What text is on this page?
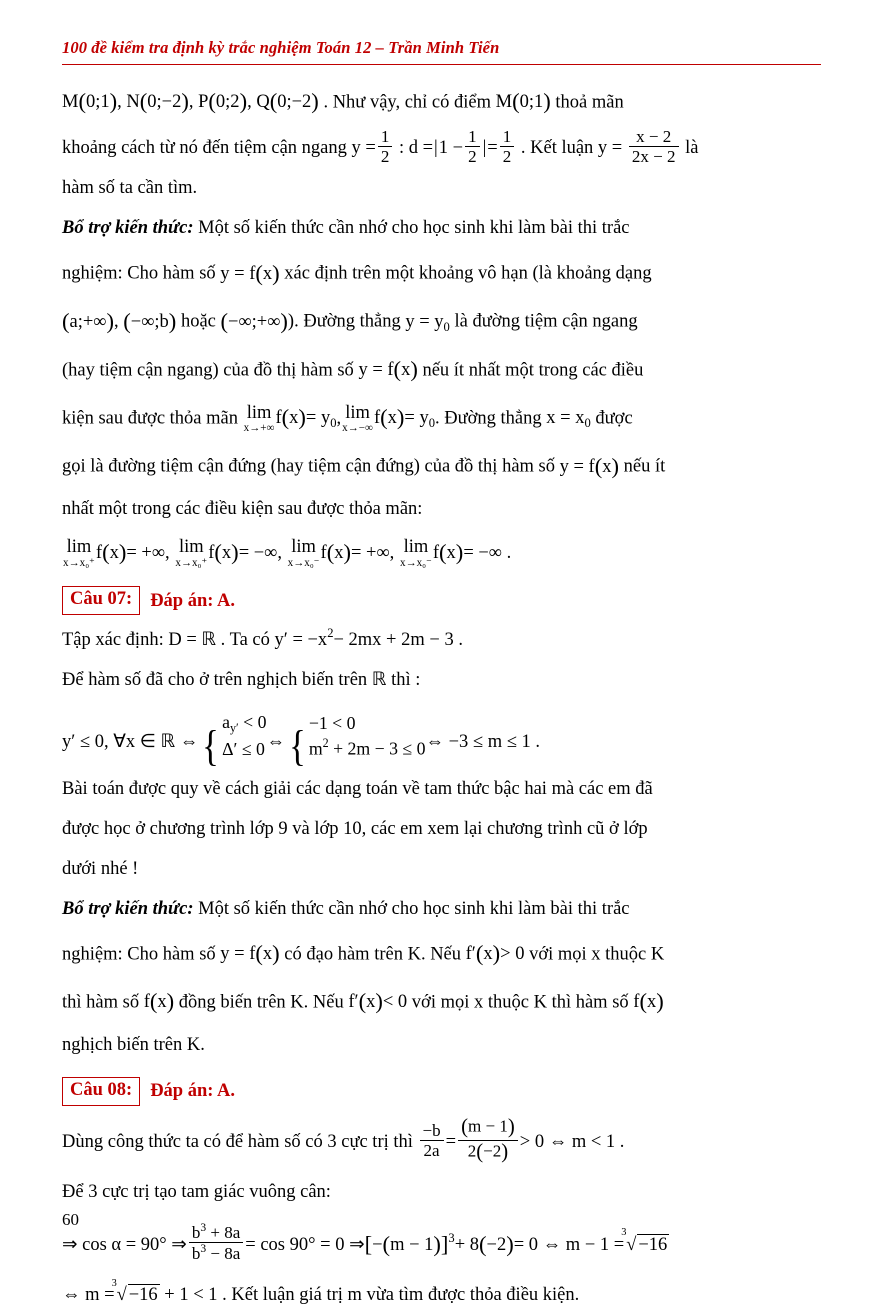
100 đề kiểm tra định kỳ trắc nghiệm Toán 12 – Trần Minh Tiến

M(0;1), N(0;−2), P(0;2), Q(0;−2) . Như vậy, chỉ có điểm M(0;1) thoả mãn

khoảng cách từ nó đến tiệm cận ngang $y = \frac{1}{2}$ : $d =|1 - \frac{1}{2}$ |= $\frac{1}{2}$ . Kết luận $y = \frac{x - 2}{2x - 2}$ là

hàm số ta cần tìm.

Bổ trợ kiến thức: Một số kiến thức cần nhớ cho học sinh khi làm bài thi trắc

nghiệm: Cho hàm số y = f(x) xác định trên một khoảng vô hạn (là khoảng dạng

(a;+∞), (−∞;b) hoặc (−∞;+∞)). Đường thẳng $y = y_0$ là đường tiệm cận ngang

(hay tiệm cận ngang) của đồ thị hàm số y = f(x) nếu ít nhất một trong các điều

kiện sau được thỏa mãn lim
x→+∞ $f(x)= y_0$, lim
x→−∞ $f(x)= y_0$. Đường thẳng $x = x_0$ được

gọi là đường tiệm cận đứng (hay tiệm cận đứng) của đồ thị hàm số y = f(x) nếu ít

nhất một trong các điều kiện sau được thỏa mãn:

lim
x→x₀⁺ f(x)= +∞, lim
x→x₀⁺ f(x)= −∞, lim
x→x₀⁻ f(x)= +∞, lim
x→x₀⁻ f(x)= −∞ .

Câu 07: Đáp án: A.

Tập xác định: D = ℝ . Ta có $y' = -x^2- 2mx + 2m - 3$ .

Để hàm số đã cho ở trên nghịch biến trên ℝ thì :

y′ ≤ 0, ∀x ∈ ℝ ⇔{ $a_{y'} < 0$
Δ′ ≤ 0 ⇔{ −1 < 0
$m^2 + 2m - 3 \le 0$ ⇔ −3 ≤ m ≤ 1 .

Bài toán được quy về cách giải các dạng toán về tam thức bậc hai mà các em đã

được học ở chương trình lớp 9 và lớp 10, các em xem lại chương trình cũ ở lớp

dưới nhé !

Bổ trợ kiến thức: Một số kiến thức cần nhớ cho học sinh khi làm bài thi trắc

nghiệm: Cho hàm số y = f(x) có đạo hàm trên K. Nếu f′(x)> 0 với mọi x thuộc K

thì hàm số f(x) đồng biến trên K. Nếu f′(x)< 0 với mọi x thuộc K thì hàm số f(x)

nghịch biến trên K.

Câu 08: Đáp án: A.

Dùng công thức ta có để hàm số có 3 cực trị thì $\frac{-b}{2a} = \frac{(m - 1)}{2(-2)} > 0$ ⇔ m < 1 .

Để 3 cực trị tạo tam giác vuông cân:

⇒ cos α = 90° ⇒ $\frac{b^3 + 8a}{b^3 - 8a} = \cos 90^\circ = 0$ ⇒[−(m − 1)]$^3$+ 8(−2)= 0 ⇔ m − 1 =
3
√ −16

⇔ m =
3
√ −16 + 1 < 1 . Kết luận giá trị m vừa tìm được thỏa điều kiện.

60
